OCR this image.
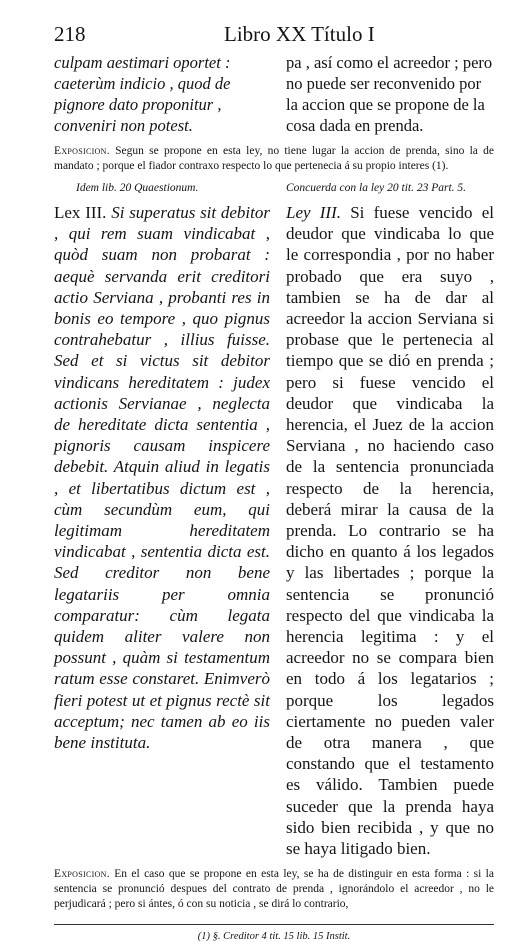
218	Libro XX Título I
culpam aestimari oportet : caeterùm indicio , quod de pignore dato proponitur , conveniri non potest.
pa , así como el acreedor ; pero no puede ser reconvenido por la accion que se propone de la cosa dada en prenda.
Exposicion. Segun se propone en esta ley, no tiene lugar la accion de prenda, sino la de mandato ; porque el fiador contraxo respecto lo que pertenecia á su propio interes (1).
Idem lib. 20 Quaestionum.	Concuerda con la ley 20 tit. 23 Part. 5.
Lex III. Si superatus sit debitor , qui rem suam vindicabat , quòd suam non probarat : aequè servanda erit creditori actio Serviana , probanti res in bonis eo tempore , quo pignus contrahebatur , illius fuisse. Sed et si victus sit debitor vindicans hereditatem : judex actionis Servianae , neglecta de hereditate dicta sententia , pignoris causam inspicere debebit. Atquin aliud in legatis , et libertatibus dictum est , cùm secundùm eum, qui legitimam hereditatem vindicabat , sententia dicta est. Sed creditor non bene legatariis per omnia comparatur: cùm legata quidem aliter valere non possunt , quàm si testamentum ratum esse constaret. Enimverò fieri potest ut et pignus rectè sit acceptum; nec tamen ab eo iis bene institutа.
Ley III. Si fuese vencido el deudor que vindicaba lo que le correspondia , por no haber probado que era suyo , tambien se ha de dar al acreedor la accion Serviana si probase que le pertenecia al tiempo que se dió en prenda ; pero si fuese vencido el deudor que vindicaba la herencia, el Juez de la accion Serviana , no haciendo caso de la sentencia pronunciada respecto de la herencia, deberá mirar la causa de la prenda. Lo contrario se ha dicho en quanto á los legados y las libertades ; porque la sentencia se pronunció respecto del que vindicaba la herencia legitima : y el acreedor no se compara bien en todo á los legatarios ; porque los legados ciertamente no pueden valer de otra manera , que constando que el testamento es válido. Tambien puede suceder que la prenda haya sido bien recibida , y que no se haya litigado bien.
Exposicion. En el caso que se propone en esta ley, se ha de distinguir en esta forma : si la sentencia se pronunció despues del contrato de prenda , ignorándolo el acreedor , no le perjudicará ; pero si ántes, ó con su noticia , se dirá lo contrario,
(1) §. Creditor 4 tit. 15 lib. 15 Instit.
